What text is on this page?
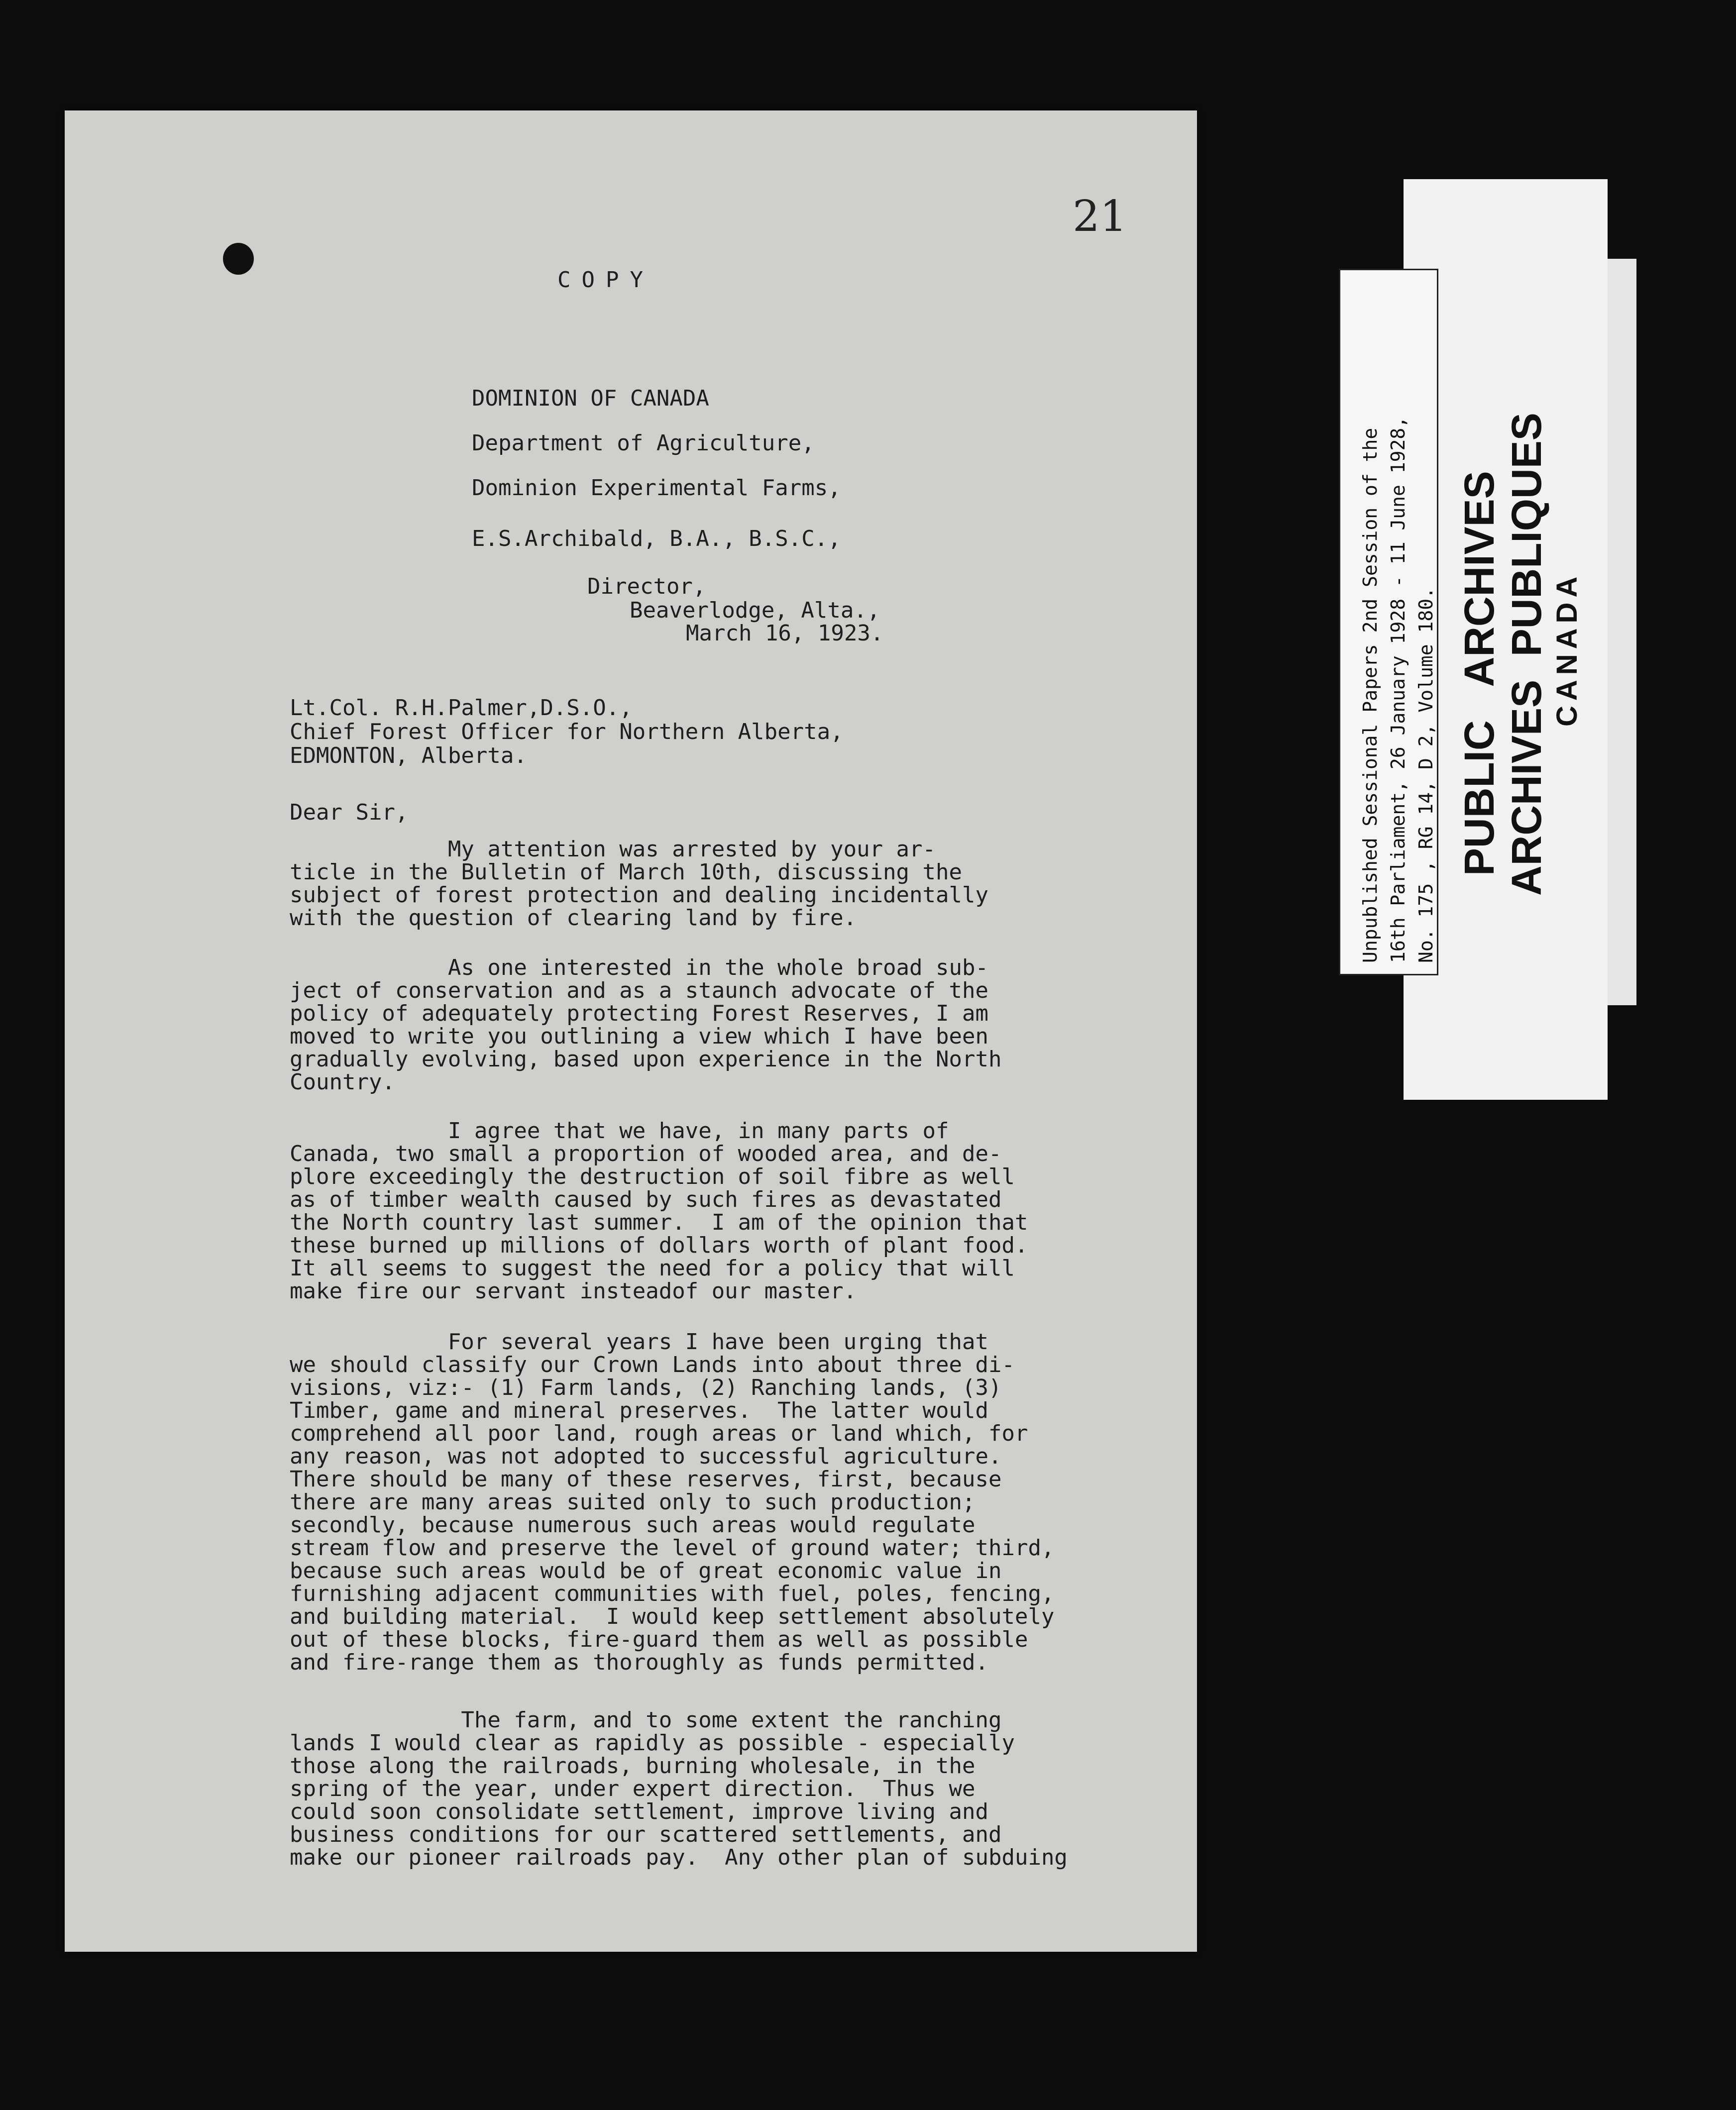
21
COPY
DOMINION OF CANADA
Department of Agriculture,
Dominion Experimental Farms,
E.S.Archibald, B.A., B.S.C.,
Director,
Beaverlodge, Alta.,
March 16, 1923.
Lt.Col. R.H.Palmer,D.S.O.,
Chief Forest Officer for Northern Alberta,
EDMONTON, Alberta.
Dear Sir,
My attention was arrested by your ar-
ticle in the Bulletin of March 10th, discussing the
subject of forest protection and dealing incidentally
with the question of clearing land by fire.
As one interested in the whole broad sub-
ject of conservation and as a staunch advocate of the
policy of adequately protecting Forest Reserves, I am
moved to write you outlining a view which I have been
gradually evolving, based upon experience in the North
Country.
I agree that we have, in many parts of
Canada, two small a proportion of wooded area, and de-
plore exceedingly the destruction of soil fibre as well
as of timber wealth caused by such fires as devastated
the North country last summer.  I am of the opinion that
these burned up millions of dollars worth of plant food.
It all seems to suggest the need for a policy that will
make fire our servant insteadof our master.
For several years I have been urging that
we should classify our Crown Lands into about three di-
visions, viz:- (1) Farm lands, (2) Ranching lands, (3)
Timber, game and mineral preserves.  The latter would
comprehend all poor land, rough areas or land which, for
any reason, was not adopted to successful agriculture.
There should be many of these reserves, first, because
there are many areas suited only to such production;
secondly, because numerous such areas would regulate
stream flow and preserve the level of ground water; third,
because such areas would be of great economic value in
furnishing adjacent communities with fuel, poles, fencing,
and building material.  I would keep settlement absolutely
out of these blocks, fire-guard them as well as possible
and fire-range them as thoroughly as funds permitted.
The farm, and to some extent the ranching
lands I would clear as rapidly as possible - especially
those along the railroads, burning wholesale, in the
spring of the year, under expert direction.  Thus we
could soon consolidate settlement, improve living and
business conditions for our scattered settlements, and
make our pioneer railroads pay.  Any other plan of subduing
Unpublished Sessional Papers 2nd Session of the
16th Parliament, 26 January 1928 - 11 June 1928,
No. 175 , RG 14, D 2, Volume 180. PUBLIC   ARCHIVES ARCHIVES  PUBLIQUES CANADA
